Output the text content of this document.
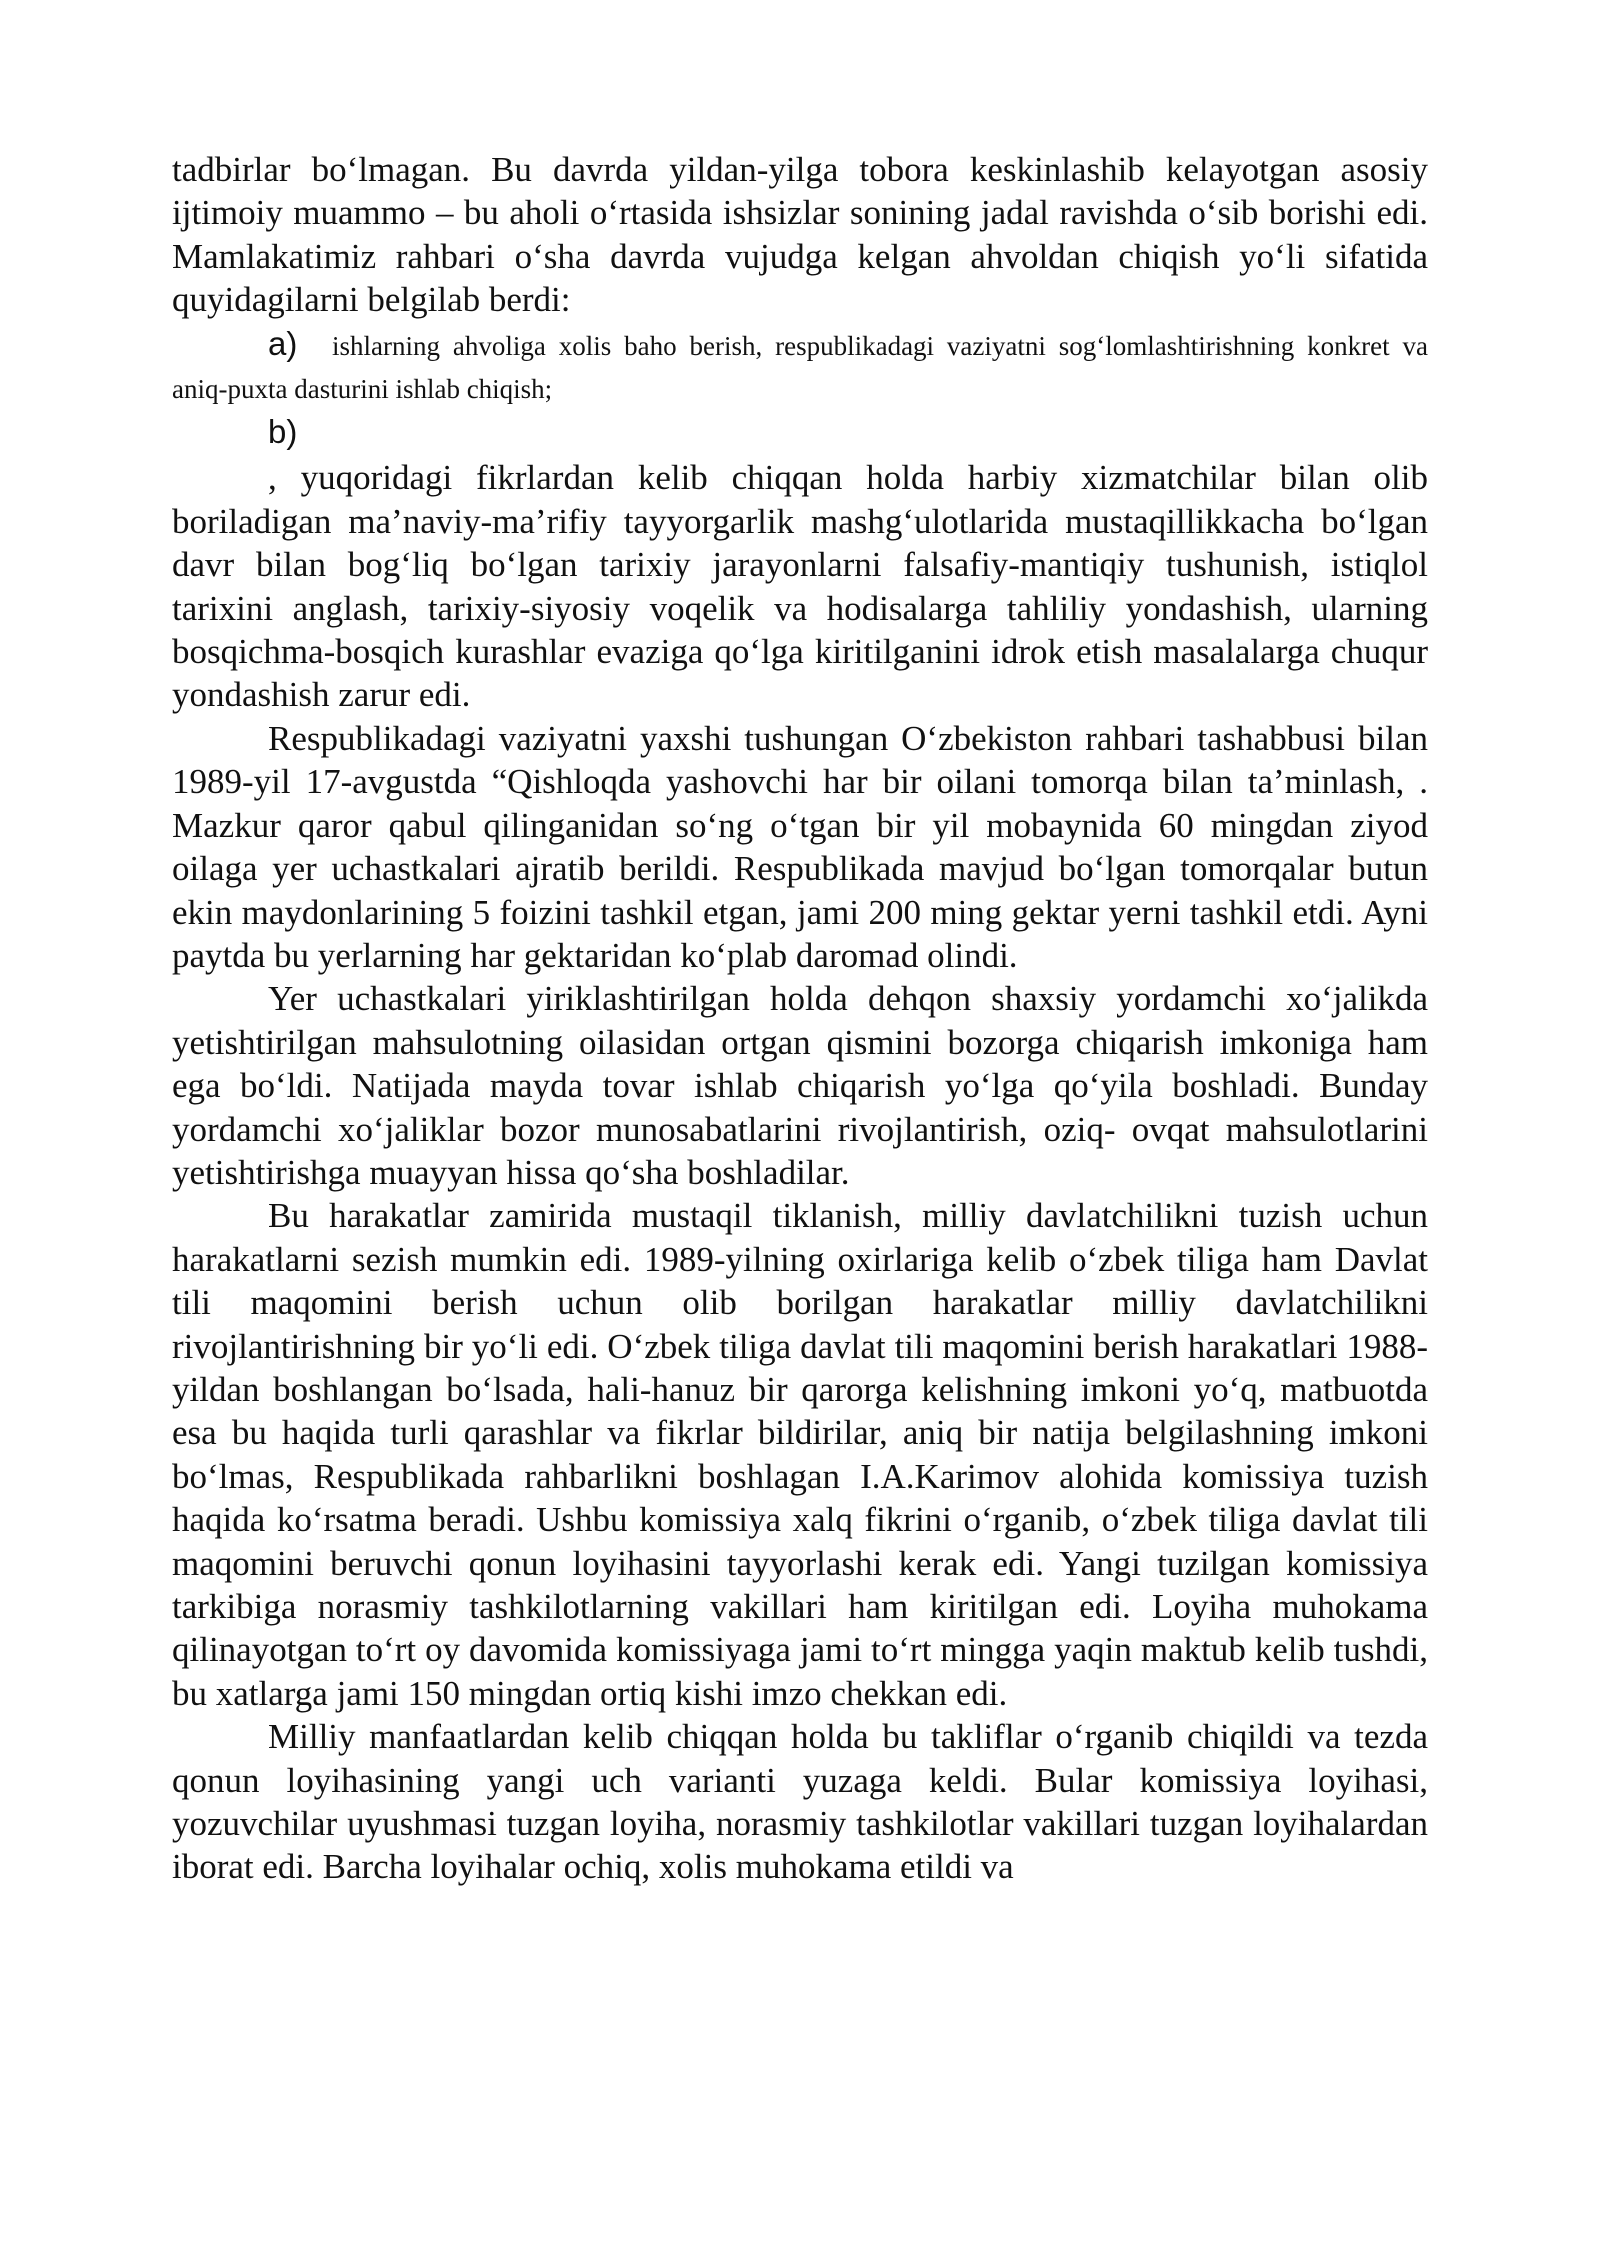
tadbirlar bo‘lmagan. Bu davrda yildan-yilga tobora keskinlashib kelayotgan asosiy ijtimoiy muammo – bu aholi o‘rtasida ishsizlar sonining jadal ravishda o‘sib borishi edi. Mamlakatimiz rahbari o‘sha davrda vujudga kelgan ahvoldan chiqish yo‘li sifatida quyidagilarni belgilab berdi:

a) ishlarning ahvoliga xolis baho berish, respublikadagi vaziyatni sog‘lomlashtirishning konkret va aniq-puxta dasturini ishlab chiqish;

b)

, yuqoridagi fikrlardan kelib chiqqan holda harbiy xizmatchilar bilan olib boriladigan ma’naviy-ma’rifiy tayyorgarlik mashg‘ulotlarida mustaqillikkacha bo‘lgan davr bilan bog‘liq bo‘lgan tarixiy jarayonlarni falsafiy-mantiqiy tushunish, istiqlol tarixini anglash, tarixiy-siyosiy voqelik va hodisalarga tahliliy yondashish, ularning bosqichma-bosqich kurashlar evaziga qo‘lga kiritilganini idrok etish masalalarga chuqur yondashish zarur edi.

Respublikadagi vaziyatni yaxshi tushungan O‘zbekiston rahbari tashabbusi bilan 1989-yil 17-avgustda “Qishloqda yashovchi har bir oilani tomorqa bilan ta’minlash, . Mazkur qaror qabul qilinganidan so‘ng o‘tgan bir yil mobaynida 60 mingdan ziyod oilaga yer uchastkalari ajratib berildi. Respublikada mavjud bo‘lgan tomorqalar butun ekin maydonlarining 5 foizini tashkil etgan, jami 200 ming gektar yerni tashkil etdi. Ayni paytda bu yerlarning har gektaridan ko‘plab daromad olindi.

Yer uchastkalari yiriklashtirilgan holda dehqon shaxsiy yordamchi xo‘jalikda yetishtirilgan mahsulotning oilasidan ortgan qismini bozorga chiqarish imkoniga ham ega bo‘ldi. Natijada mayda tovar ishlab chiqarish yo‘lga qo‘yila boshladi. Bunday yordamchi xo‘jaliklar bozor munosabatlarini rivojlantirish, oziq- ovqat mahsulotlarini yetishtirishga muayyan hissa qo‘sha boshladilar.

Bu harakatlar zamirida mustaqil tiklanish, milliy davlatchilikni tuzish uchun harakatlarni sezish mumkin edi. 1989-yilning oxirlariga kelib o‘zbek tiliga ham Davlat tili maqomini berish uchun olib borilgan harakatlar milliy davlatchilikni rivojlantirishning bir yo‘li edi. O‘zbek tiliga davlat tili maqomini berish harakatlari 1988-yildan boshlangan bo‘lsada, hali-hanuz bir qarorga kelishning imkoni yo‘q, matbuotda esa bu haqida turli qarashlar va fikrlar bildirilar, aniq bir natija belgilashning imkoni bo‘lmas, Respublikada rahbarlikni boshlagan I.A.Karimov alohida komissiya tuzish haqida ko‘rsatma beradi. Ushbu komissiya xalq fikrini o‘rganib, o‘zbek tiliga davlat tili maqomini beruvchi qonun loyihasini tayyorlashi kerak edi. Yangi tuzilgan komissiya tarkibiga norasmiy tashkilotlarning vakillari ham kiritilgan edi. Loyiha muhokama qilinayotgan to‘rt oy davomida komissiyaga jami to‘rt mingga yaqin maktub kelib tushdi, bu xatlarga jami 150 mingdan ortiq kishi imzo chekkan edi.

Milliy manfaatlardan kelib chiqqan holda bu takliflar o‘rganib chiqildi va tezda qonun loyihasining yangi uch varianti yuzaga keldi. Bular komissiya loyihasi, yozuvchilar uyushmasi tuzgan loyiha, norasmiy tashkilotlar vakillari tuzgan loyihalardan iborat edi. Barcha loyihalar ochiq, xolis muhokama etildi va
